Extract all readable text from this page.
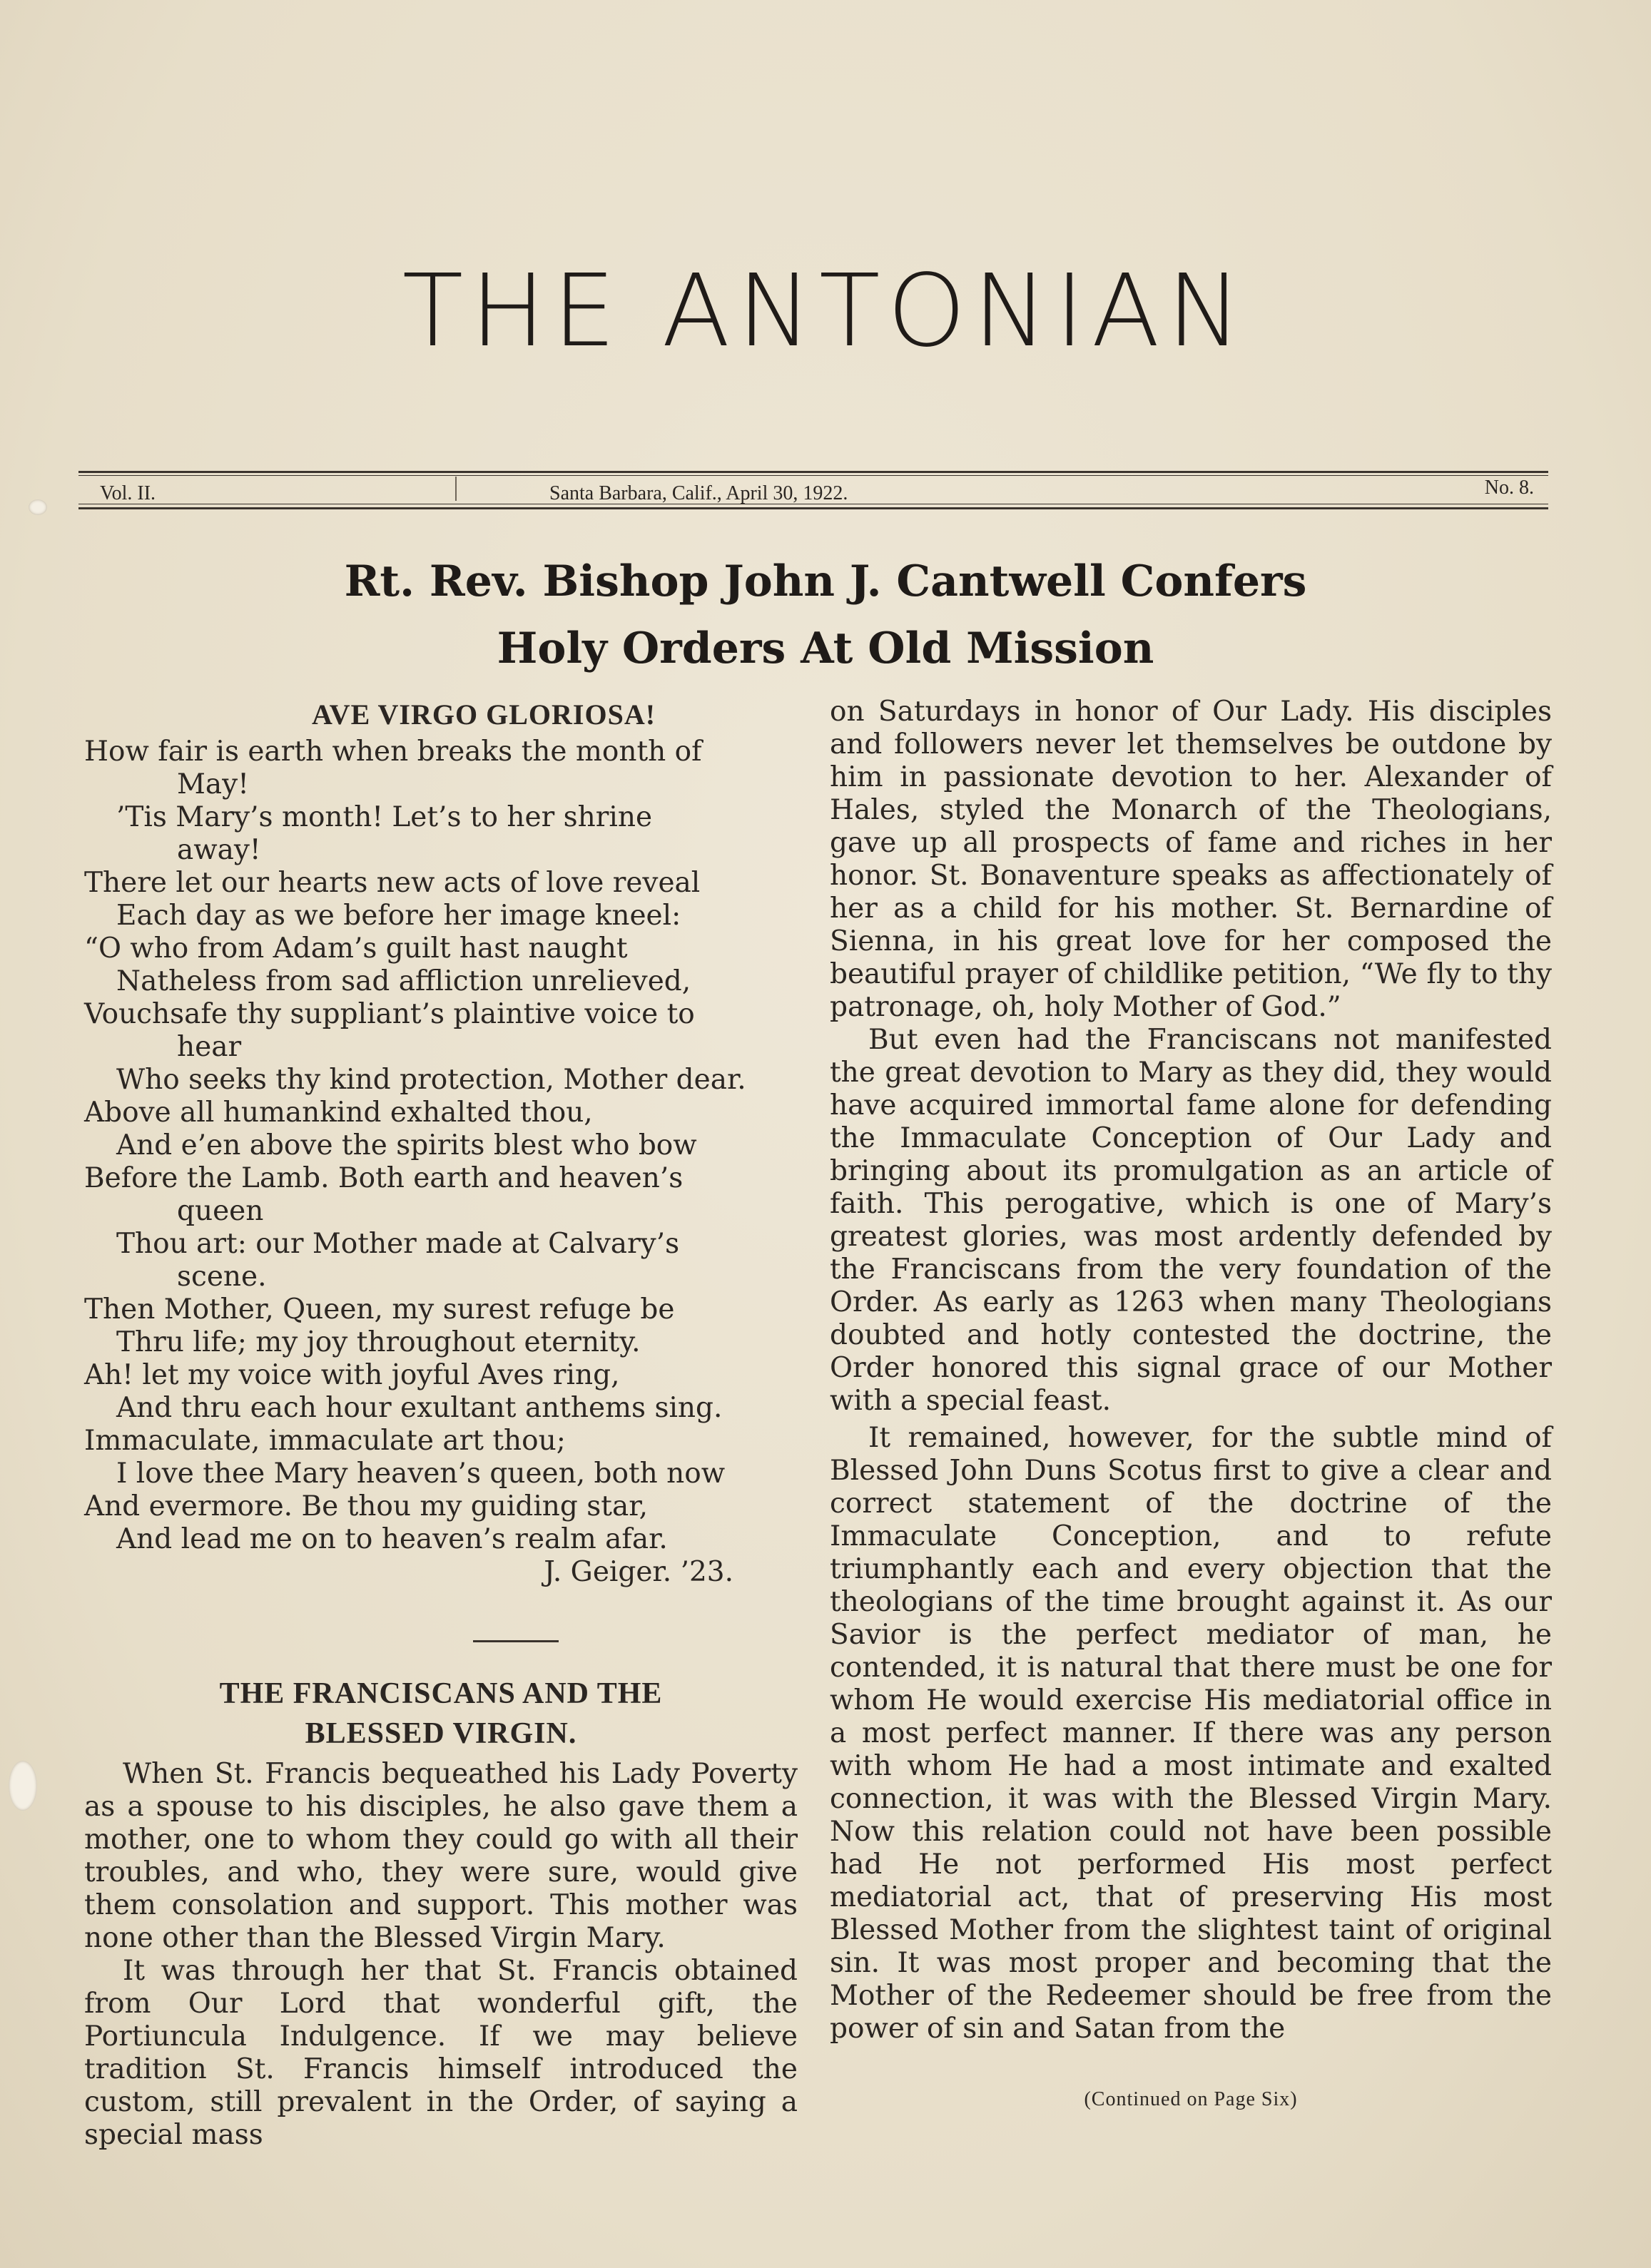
THE ANTONIAN
Vol. II.	Santa Barbara, Calif., April 30, 1922.	No. 8.
Rt. Rev. Bishop John J. Cantwell Confers
Holy Orders At Old Mission
AVE VIRGO GLORIOSA!
How fair is earth when breaks the month of
May!
’Tis Mary’s month! Let’s to her shrine
away!
There let our hearts new acts of love reveal
Each day as we before her image kneel:
“O who from Adam’s guilt hast naught
Natheless from sad affliction unrelieved,
Vouchsafe thy suppliant’s plaintive voice to
hear
Who seeks thy kind protection, Mother dear.
Above all humankind exhalted thou,
And e’en above the spirits blest who bow
Before the Lamb. Both earth and heaven’s
queen
Thou art: our Mother made at Calvary’s
scene.
Then Mother, Queen, my surest refuge be
Thru life; my joy throughout eternity.
Ah! let my voice with joyful Aves ring,
And thru each hour exultant anthems sing.
Immaculate, immaculate art thou;
I love thee Mary heaven’s queen, both now
And evermore. Be thou my guiding star,
And lead me on to heaven’s realm afar.
J. Geiger. ’23.
THE FRANCISCANS AND THE
BLESSED VIRGIN.

When St. Francis bequeathed his Lady Poverty as a spouse to his disciples, he also gave them a mother, one to whom they could go with all their troubles, and who, they were sure, would give them consolation and support. This mother was none other than the Blessed Virgin Mary.

It was through her that St. Francis obtained from Our Lord that wonderful gift, the Portiuncula Indulgence. If we may believe tradition St. Francis himself introduced the custom, still prevalent in the Order, of saying a special mass

on Saturdays in honor of Our Lady. His disciples and followers never let themselves be outdone by him in passionate devotion to her. Alexander of Hales, styled the Monarch of the Theologians, gave up all prospects of fame and riches in her honor. St. Bonaventure speaks as affectionately of her as a child for his mother. St. Bernardine of Sienna, in his great love for her composed the beautiful prayer of childlike petition, “We fly to thy patronage, oh, holy Mother of God.”

But even had the Franciscans not manifested the great devotion to Mary as they did, they would have acquired immortal fame alone for defending the Immaculate Conception of Our Lady and bringing about its promulgation as an article of faith. This perogative, which is one of Mary’s greatest glories, was most ardently defended by the Franciscans from the very foundation of the Order. As early as 1263 when many Theologians doubted and hotly contested the doctrine, the Order honored this signal grace of our Mother with a special feast.

It remained, however, for the subtle mind of Blessed John Duns Scotus first to give a clear and correct statement of the doctrine of the Immaculate Conception, and to refute triumphantly each and every objection that the theologians of the time brought against it. As our Savior is the perfect mediator of man, he contended, it is natural that there must be one for whom He would exercise His mediatorial office in a most perfect manner. If there was any person with whom He had a most intimate and exalted connection, it was with the Blessed Virgin Mary. Now this relation could not have been possible had He not performed His most perfect mediatorial act, that of preserving His most Blessed Mother from the slightest taint of original sin. It was most proper and becoming that the Mother of the Redeemer should be free from the power of sin and Satan from the

(Continued on Page Six)
